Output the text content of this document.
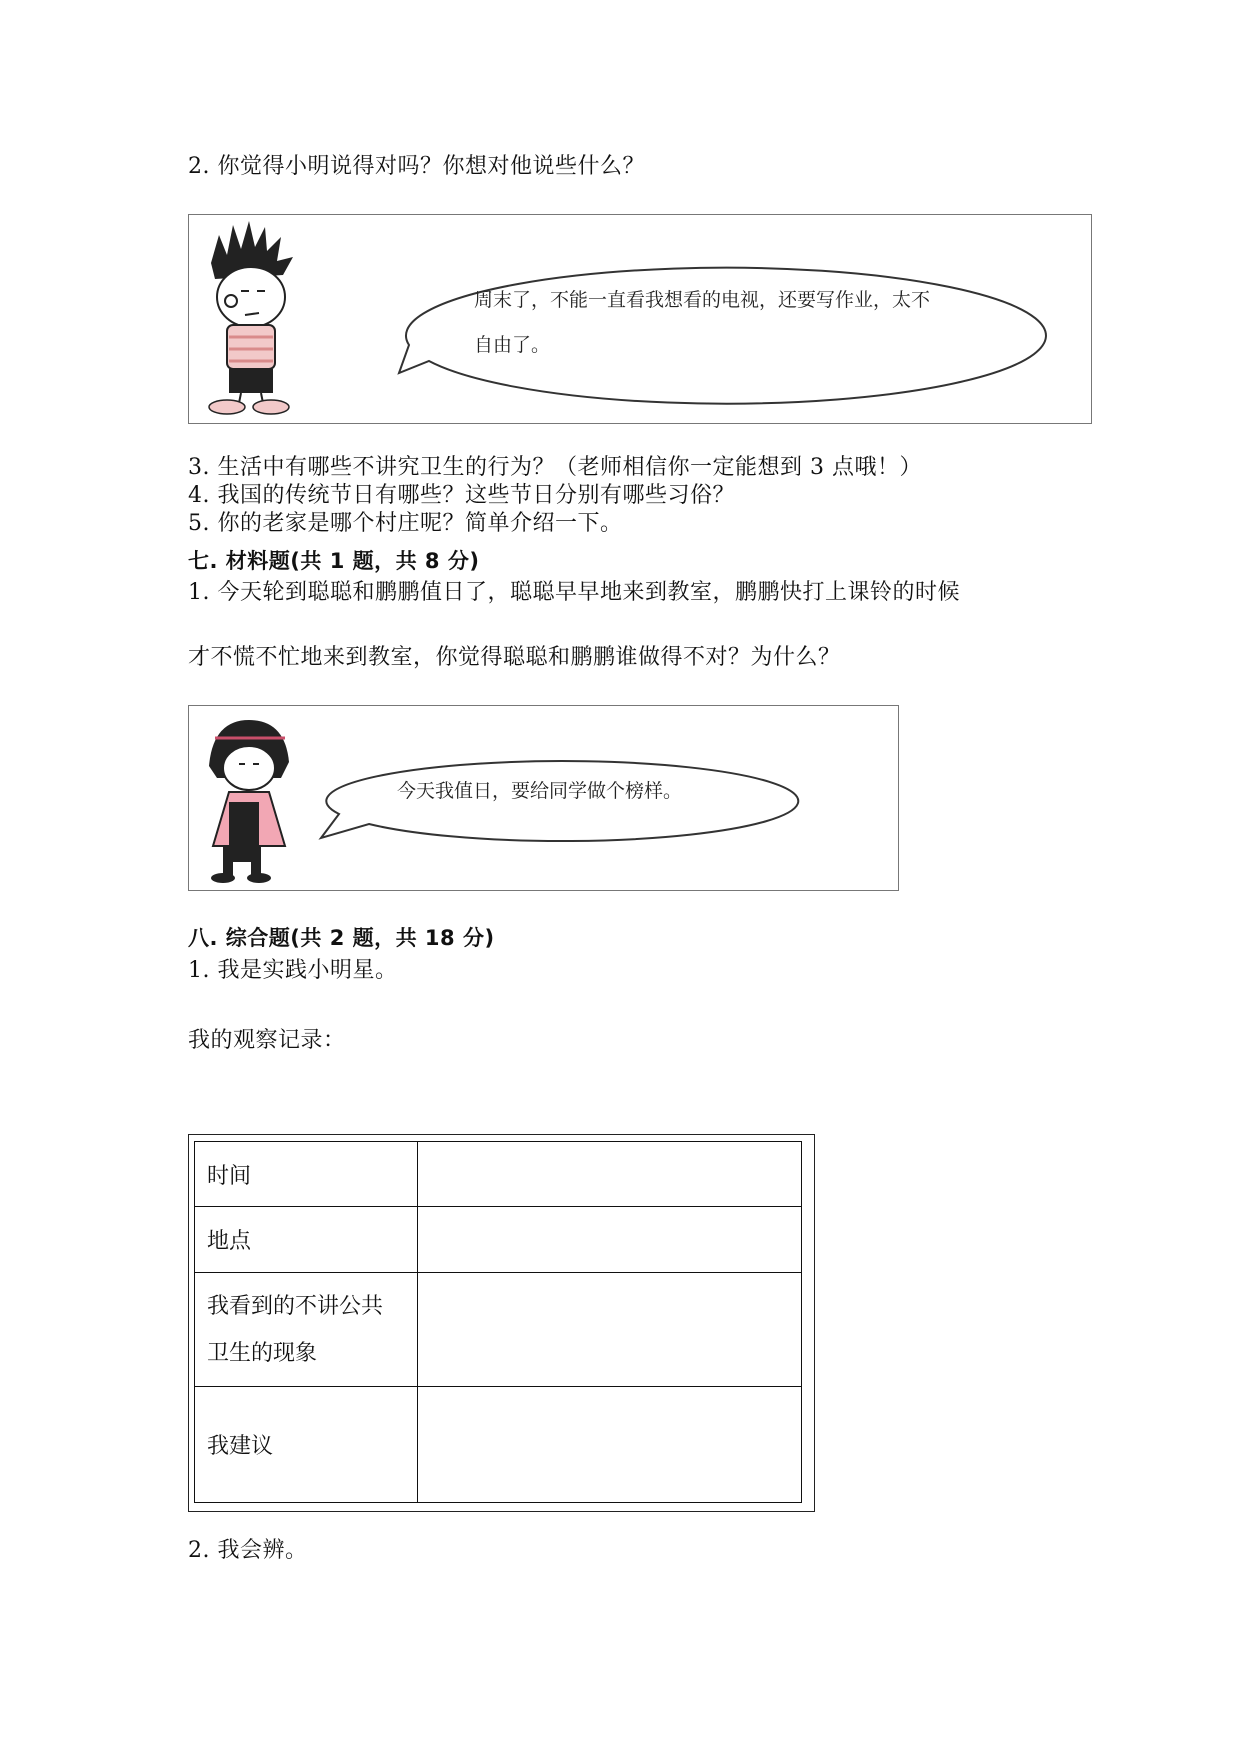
2. 你觉得小明说得对吗？你想对他说些什么？
周末了，不能一直看我想看的电视，还要写作业，太不
自由了。
3. 生活中有哪些不讲究卫生的行为？（老师相信你一定能想到 3 点哦！）
4. 我国的传统节日有哪些？这些节日分别有哪些习俗？
5. 你的老家是哪个村庄呢？简单介绍一下。
七. 材料题(共 1 题，共 8 分)
1. 今天轮到聪聪和鹏鹏值日了，聪聪早早地来到教室，鹏鹏快打上课铃的时候
才不慌不忙地来到教室，你觉得聪聪和鹏鹏谁做得不对？为什么？
今天我值日，要给同学做个榜样。
八. 综合题(共 2 题，共 18 分)
1. 我是实践小明星。
我的观察记录：
时间	
地点	
我看到的不讲公共
卫生的现象	
我建议	
2. 我会辨。
